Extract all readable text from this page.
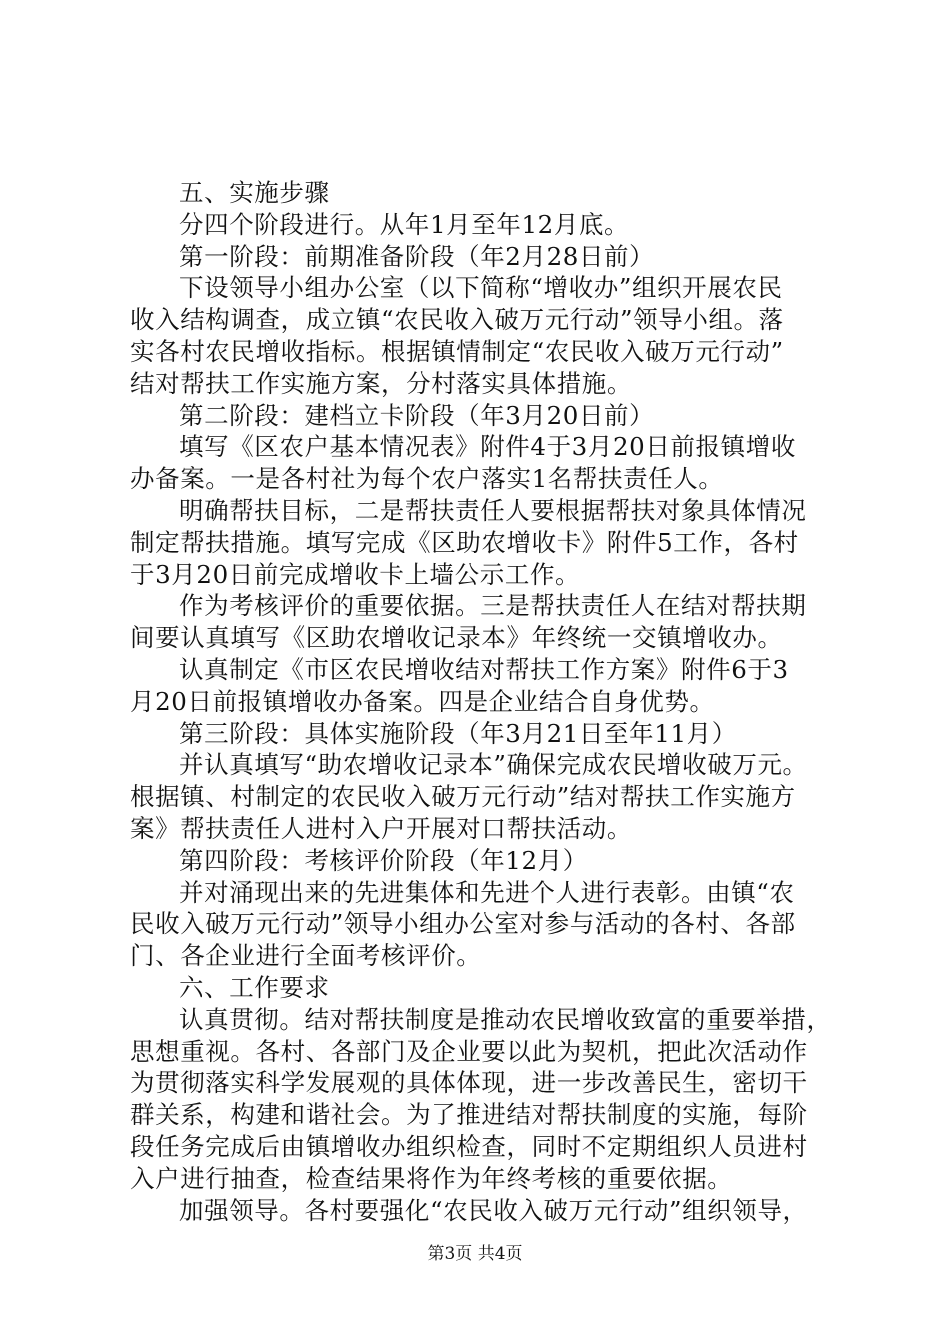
五、实施步骤
分四个阶段进行。从年1月至年12月底。
第一阶段：前期准备阶段（年2月28日前）
下设领导小组办公室（以下简称“增收办”组织开展农民
收入结构调查，成立镇“农民收入破万元行动”领导小组。落
实各村农民增收指标。根据镇情制定“农民收入破万元行动”
结对帮扶工作实施方案，分村落实具体措施。
第二阶段：建档立卡阶段（年3月20日前）
填写《区农户基本情况表》附件4于3月20日前报镇增收
办备案。一是各村社为每个农户落实1名帮扶责任人。
明确帮扶目标，二是帮扶责任人要根据帮扶对象具体情况
制定帮扶措施。填写完成《区助农增收卡》附件5工作，各村
于3月20日前完成增收卡上墙公示工作。
作为考核评价的重要依据。三是帮扶责任人在结对帮扶期
间要认真填写《区助农增收记录本》年终统一交镇增收办。
认真制定《市区农民增收结对帮扶工作方案》附件6于3
月20日前报镇增收办备案。四是企业结合自身优势。
第三阶段：具体实施阶段（年3月21日至年11月）
并认真填写“助农增收记录本”确保完成农民增收破万元。
根据镇、村制定的农民收入破万元行动”结对帮扶工作实施方
案》帮扶责任人进村入户开展对口帮扶活动。
第四阶段：考核评价阶段（年12月）
并对涌现出来的先进集体和先进个人进行表彰。由镇“农
民收入破万元行动”领导小组办公室对参与活动的各村、各部
门、各企业进行全面考核评价。
六、工作要求
认真贯彻。结对帮扶制度是推动农民增收致富的重要举措，
思想重视。各村、各部门及企业要以此为契机，把此次活动作
为贯彻落实科学发展观的具体体现，进一步改善民生，密切干
群关系，构建和谐社会。为了推进结对帮扶制度的实施，每阶
段任务完成后由镇增收办组织检查，同时不定期组织人员进村
入户进行抽查，检查结果将作为年终考核的重要依据。
加强领导。各村要强化“农民收入破万元行动”组织领导，
第3页 共4页
